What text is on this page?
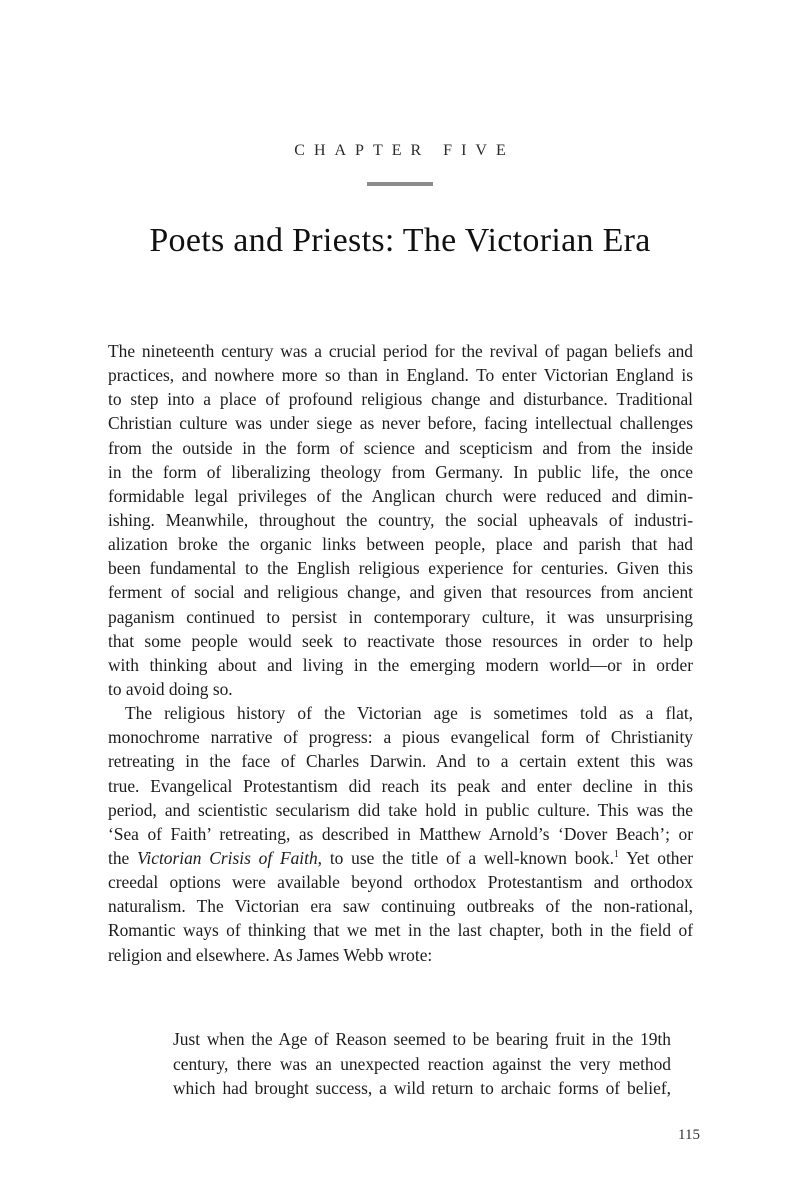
CHAPTER FIVE
Poets and Priests: The Victorian Era
The nineteenth century was a crucial period for the revival of pagan beliefs and
practices, and nowhere more so than in England. To enter Victorian England is
to step into a place of profound religious change and disturbance. Traditional
Christian culture was under siege as never before, facing intellectual challenges
from the outside in the form of science and scepticism and from the inside
in the form of liberalizing theology from Germany. In public life, the once
formidable legal privileges of the Anglican church were reduced and dimin-
ishing. Meanwhile, throughout the country, the social upheavals of industri-
alization broke the organic links between people, place and parish that had
been fundamental to the English religious experience for centuries. Given this
ferment of social and religious change, and given that resources from ancient
paganism continued to persist in contemporary culture, it was unsurprising
that some people would seek to reactivate those resources in order to help
with thinking about and living in the emerging modern world—or in order
to avoid doing so.
The religious history of the Victorian age is sometimes told as a flat,
monochrome narrative of progress: a pious evangelical form of Christianity
retreating in the face of Charles Darwin. And to a certain extent this was
true. Evangelical Protestantism did reach its peak and enter decline in this
period, and scientistic secularism did take hold in public culture. This was the
‘Sea of Faith’ retreating, as described in Matthew Arnold’s ‘Dover Beach’; or
the Victorian Crisis of Faith, to use the title of a well-known book.$^1$ Yet other
creedal options were available beyond orthodox Protestantism and orthodox
naturalism. The Victorian era saw continuing outbreaks of the non-rational,
Romantic ways of thinking that we met in the last chapter, both in the field of
religion and elsewhere. As James Webb wrote:
Just when the Age of Reason seemed to be bearing fruit in the 19th
century, there was an unexpected reaction against the very method
which had brought success, a wild return to archaic forms of belief,
115
